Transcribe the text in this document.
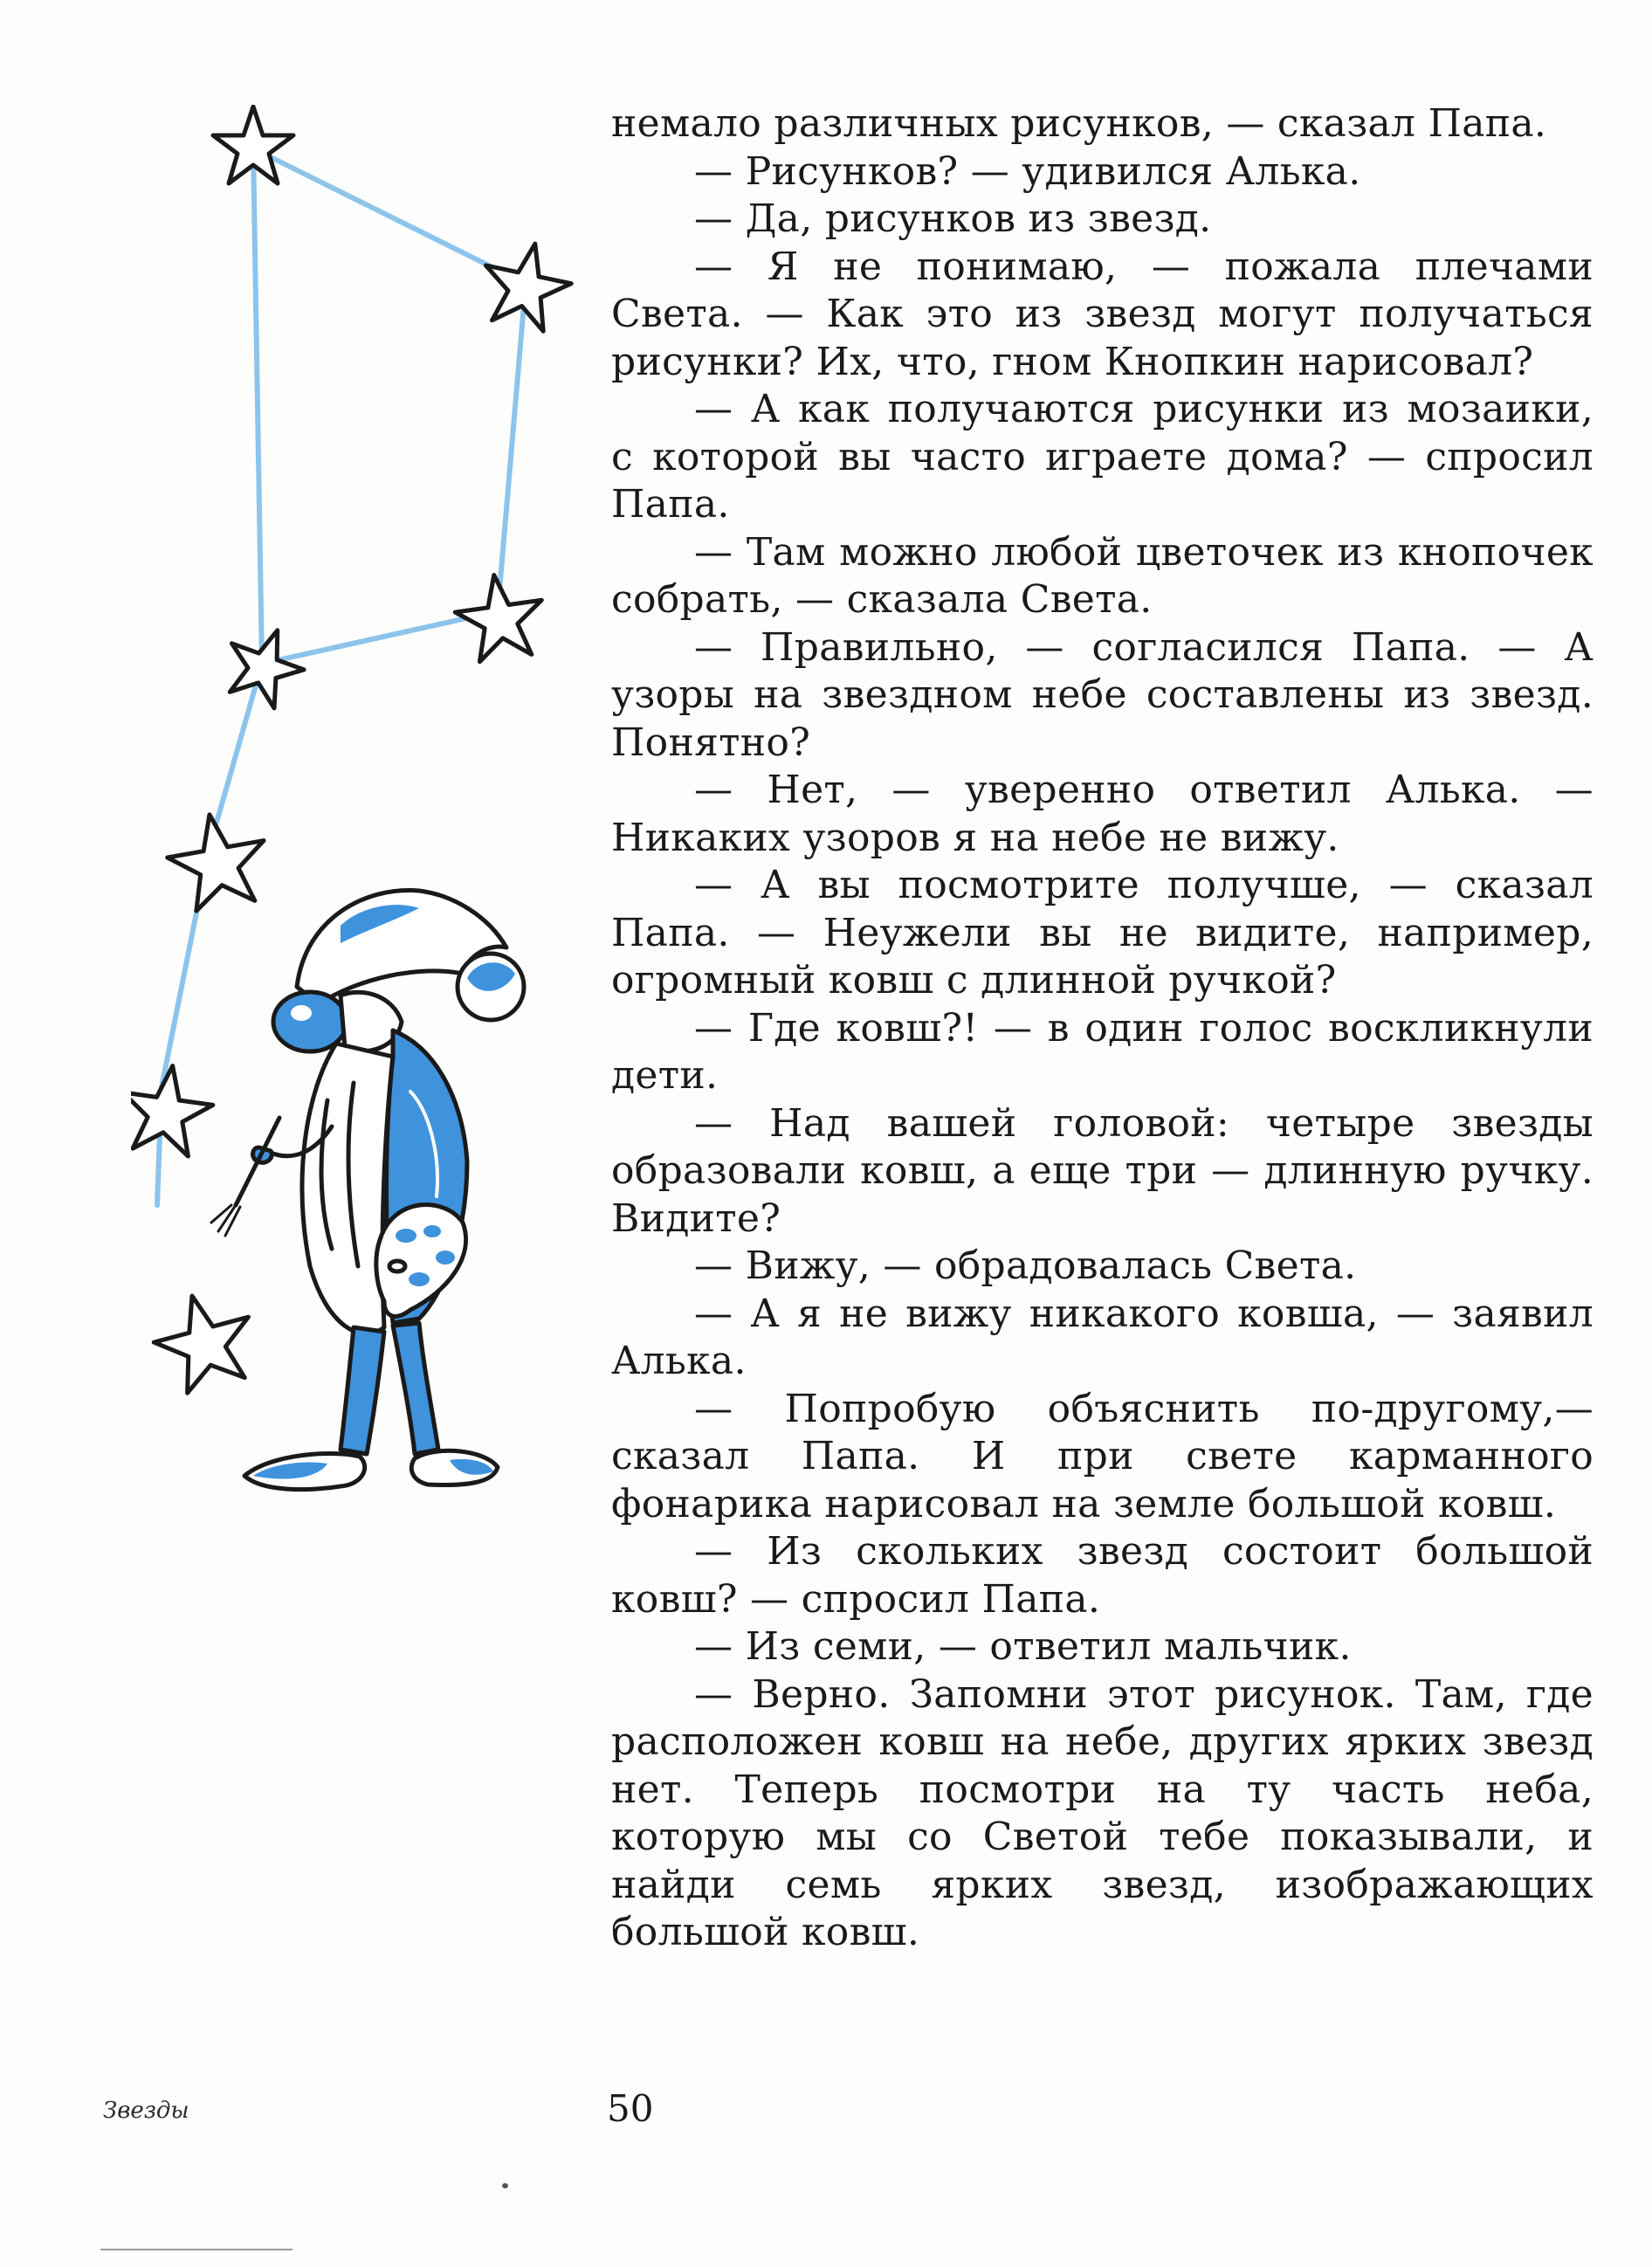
немало различных рисунков, — сказал Папа.

— Рисунков? — удивился Алька.

— Да, рисунков из звезд.

— Я не понимаю, — пожала плечами Света. — Как это из звезд могут получаться рисунки? Их, что, гном Кнопкин нарисовал?

— А как получаются рисунки из мозаики, с которой вы часто играете дома? — спросил Папа.

— Там можно любой цветочек из кнопочек собрать, — сказала Света.

— Правильно, — согласился Папа. — А узоры на звездном небе составлены из звезд. Понятно?

— Нет, — уверенно ответил Алька. — Никаких узоров я на небе не вижу.

— А вы посмотрите получше, — сказал Папа. — Неужели вы не видите, например, огромный ковш с длинной ручкой?

— Где ковш?! — в один голос воскликнули дети.

— Над вашей головой: четыре звезды образовали ковш, а еще три — длинную ручку. Видите?

— Вижу, — обрадовалась Света.

— А я не вижу никакого ковша, — заявил Алька.

— Попробую объяснить по-другому,— сказал Папа. И при свете карманного фонарика нарисовал на земле большой ковш.

— Из скольких звезд состоит большой ковш? — спросил Папа.

— Из семи, — ответил мальчик.

— Верно. Запомни этот рисунок. Там, где расположен ковш на небе, других ярких звезд нет. Теперь посмотри на ту часть неба, которую мы со Светой тебе показывали, и найди семь ярких звезд, изображающих большой ковш.

Звезды	50
